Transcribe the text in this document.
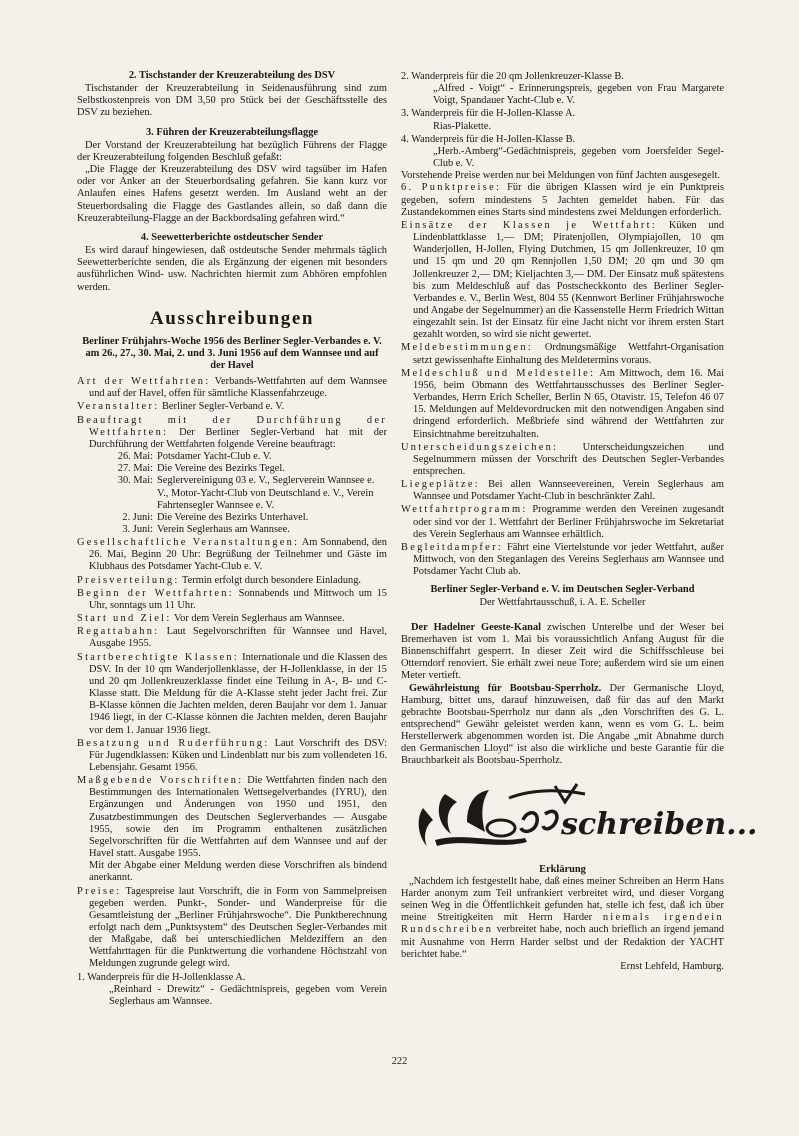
2. Tischstander der Kreuzerabteilung des DSV

Tischstander der Kreuzerabteilung in Seidenausführung sind zum Selbstkostenpreis von DM 3,50 pro Stück bei der Geschäftsstelle des DSV zu beziehen.

3. Führen der Kreuzerabteilungsflagge

Der Vorstand der Kreuzerabteilung hat bezüglich Führens der Flagge der Kreuzerabteilung folgenden Beschluß gefaßt:

„Die Flagge der Kreuzerabteilung des DSV wird tagsüber im Hafen oder vor Anker an der Steuerbordsaling gefahren. Sie kann kurz vor Anlaufen eines Hafens gesetzt werden. Im Ausland weht an der Steuerbordsaling die Flagge des Gastlandes allein, so daß dann die Kreuzerabteilung-Flagge an der Backbordsaling gefahren wird.“

4. Seewetterberichte ostdeutscher Sender

Es wird darauf hingewiesen, daß ostdeutsche Sender mehrmals täglich Seewetterberichte senden, die als Ergänzung der eigenen mit besonders ausführlichen Wind- usw. Nachrichten hiermit zum Abhören empfohlen werden.

Ausschreibungen

Berliner Frühjahrs-Woche 1956 des Berliner Segler-Verbandes e. V. am 26., 27., 30. Mai, 2. und 3. Juni 1956 auf dem Wannsee und auf der Havel

Art der Wettfahrten: Verbands-Wettfahrten auf dem Wannsee und auf der Havel, offen für sämtliche Klassenfahrzeuge.

Veranstalter: Berliner Segler-Verband e. V.

Beauftragt mit der Durchführung der Wettfahrten: Der Berliner Segler-Verband hat mit der Durchführung der Wettfahrten folgende Vereine beauftragt:

26. Mai: Potsdamer Yacht-Club e. V.
27. Mai: Die Vereine des Bezirks Tegel.
30. Mai: Seglervereinigung 03 e. V., Seglerverein Wannsee e. V., Motor-Yacht-Club von Deutschland e. V., Verein Fahrtensegler Wannsee e. V.
2. Juni: Die Vereine des Bezirks Unterhavel.
3. Juni: Verein Seglerhaus am Wannsee.

Gesellschaftliche Veranstaltungen: Am Sonnabend, den 26. Mai, Beginn 20 Uhr: Begrüßung der Teilnehmer und Gäste im Klubhaus des Potsdamer Yacht-Club e. V.

Preisverteilung: Termin erfolgt durch besondere Einladung.

Beginn der Wettfahrten: Sonnabends und Mittwoch um 15 Uhr, sonntags um 11 Uhr.

Start und Ziel: Vor dem Verein Seglerhaus am Wannsee.

Regattabahn: Laut Segelvorschriften für Wannsee und Havel, Ausgabe 1955.

Startberechtigte Klassen: Internationale und die Klassen des DSV. In der 10 qm Wanderjollenklasse, der H-Jollenklasse, in der 15 und 20 qm Jollenkreuzerklasse findet eine Teilung in A-, B- und C-Klasse statt. Die Meldung für die A-Klasse steht jeder Jacht frei. Zur B-Klasse können die Jachten melden, deren Baujahr vor dem 1. Januar 1946 liegt, in der C-Klasse können die Jachten melden, deren Baujahr vor dem 1. Januar 1936 liegt.

Besatzung und Ruderführung: Laut Vorschrift des DSV: Für Jugendklassen: Küken und Lindenblatt nur bis zum vollendeten 16. Lebensjahr. Gesamt 1956.

Maßgebende Vorschriften: Die Wettfahrten finden nach den Bestimmungen des Internationalen Wettsegelverbandes (IYRU), den Ergänzungen und Änderungen von 1950 und 1951, den Zusatzbestimmungen des Deutschen Seglerverbandes — Ausgabe 1955, sowie den im Programm enthaltenen zusätzlichen Segelvorschriften für die Wettfahrten auf dem Wannsee und auf der Havel statt. Ausgabe 1955.

Mit der Abgabe einer Meldung werden diese Vorschriften als bindend anerkannt.

Preise: Tagespreise laut Vorschrift, die in Form von Sammelpreisen gegeben werden. Punkt-, Sonder- und Wanderpreise für die Gesamtleistung der „Berliner Frühjahrswoche“. Die Punktberechnung erfolgt nach dem „Punktsystem“ des Deutschen Segler-Verbandes mit der Maßgabe, daß bei unterschiedlichen Meldeziffern an den Wettfahrttagen für die Punktwertung die vorhandene Höchstzahl von Meldungen zugrunde gelegt wird.

1. Wanderpreis für die H-Jollenklasse A.

„Reinhard - Drewitz“ - Gedächtnispreis, gegeben vom Verein Seglerhaus am Wannsee.

2. Wanderpreis für die 20 qm Jollenkreuzer-Klasse B.

„Alfred - Voigt“ - Erinnerungspreis, gegeben von Frau Margarete Voigt, Spandauer Yacht-Club e. V.

3. Wanderpreis für die H-Jollen-Klasse A.

Rias-Plakette.

4. Wanderpreis für die H-Jollen-Klasse B.

„Herb.-Amberg“-Gedächtnispreis, gegeben vom Joersfelder Segel-Club e. V.

Vorstehende Preise werden nur bei Meldungen von fünf Jachten ausgesegelt.

6. Punktpreise: Für die übrigen Klassen wird je ein Punktpreis gegeben, sofern mindestens 5 Jachten gemeldet haben. Für das Zustandekommen eines Starts sind mindestens zwei Meldungen erforderlich.

Einsätze der Klassen je Wettfahrt: Küken und Lindenblattklasse 1,— DM; Piratenjollen, Olympiajollen, 10 qm Wanderjollen, H-Jollen, Flying Dutchmen, 15 qm Jollenkreuzer, 10 qm und 15 qm und 20 qm Rennjollen 1,50 DM; 20 qm und 30 qm Jollenkreuzer 2,— DM; Kieljachten 3,— DM. Der Einsatz muß spätestens bis zum Meldeschluß auf das Postscheckkonto des Berliner Segler-Verbandes e. V., Berlin West, 804 55 (Kennwort Berliner Frühjahrswoche und Angabe der Segelnummer) an die Kassenstelle Herrn Friedrich Wittan eingezahlt sein. Ist der Einsatz für eine Jacht nicht vor ihrem ersten Start gezahlt worden, so wird sie nicht gewertet.

Meldebestimmungen: Ordnungsmäßige Wettfahrt-Organisation setzt gewissenhafte Einhaltung des Meldetermins voraus.

Meldeschluß und Meldestelle: Am Mittwoch, dem 16. Mai 1956, beim Obmann des Wettfahrtausschusses des Berliner Segler-Verbandes, Herrn Erich Scheller, Berlin N 65, Otavistr. 15, Telefon 46 07 15. Meldungen auf Meldevordrucken mit den notwendigen Angaben sind dringend erforderlich. Meßbriefe sind während der Wettfahrten zur Einsichtnahme bereitzuhalten.

Unterscheidungszeichen: Unterscheidungszeichen und Segelnummern müssen der Vorschrift des Deutschen Segler-Verbandes entsprechen.

Liegeplätze: Bei allen Wannseevereinen, Verein Seglerhaus am Wannsee und Potsdamer Yacht-Club in beschränkter Zahl.

Wettfahrtprogramm: Programme werden den Vereinen zugesandt oder sind vor der 1. Wettfahrt der Berliner Frühjahrswoche im Sekretariat des Verein Seglerhaus am Wannsee erhältlich.

Begleitdampfer: Fährt eine Viertelstunde vor jeder Wettfahrt, außer Mittwoch, von den Steganlagen des Vereins Seglerhaus am Wannsee und Potsdamer Yacht Club ab.

Berliner Segler-Verband e. V. im Deutschen Segler-Verband

Der Wettfahrtausschuß, i. A. E. Scheller

Der Hadelner Geeste-Kanal zwischen Unterelbe und der Weser bei Bremerhaven ist vom 1. Mai bis voraussichtlich Anfang August für die Binnenschiffahrt gesperrt. In dieser Zeit wird die Schiffsschleuse bei Otterndorf renoviert. Sie erhält zwei neue Tore; außerdem wird sie um einen Meter vertieft.

Gewährleistung für Bootsbau-Sperrholz. Der Germanische Lloyd, Hamburg, bittet uns, darauf hinzuweisen, daß für das auf den Markt gebrachte Bootsbau-Sperrholz nur dann als „den Vorschriften des G. L. entsprechend“ Gewähr geleistet werden kann, wenn es vom G. L. beim Herstellerwerk abgenommen worden ist. Die Angabe „mit Abnahme durch den Germanischen Lloyd“ ist also die wirkliche und beste Garantie für die Brauchbarkeit als Bootsbau-Sperrholz.

schreiben...

Erklärung

„Nachdem ich festgestellt habe, daß eines meiner Schreiben an Herrn Hans Harder anonym zum Teil unfrankiert verbreitet wird, und dieser Vorgang seinen Weg in die Öffentlichkeit gefunden hat, stelle ich fest, daß ich über meine Streitigkeiten mit Herrn Harder niemals irgendein Rundschreiben verbreitet habe, noch auch brieflich an irgend jemand mit Ausnahme von Herrn Harder selbst und der Redaktion der YACHT berichtet habe.“

Ernst Lehfeld, Hamburg.

222
